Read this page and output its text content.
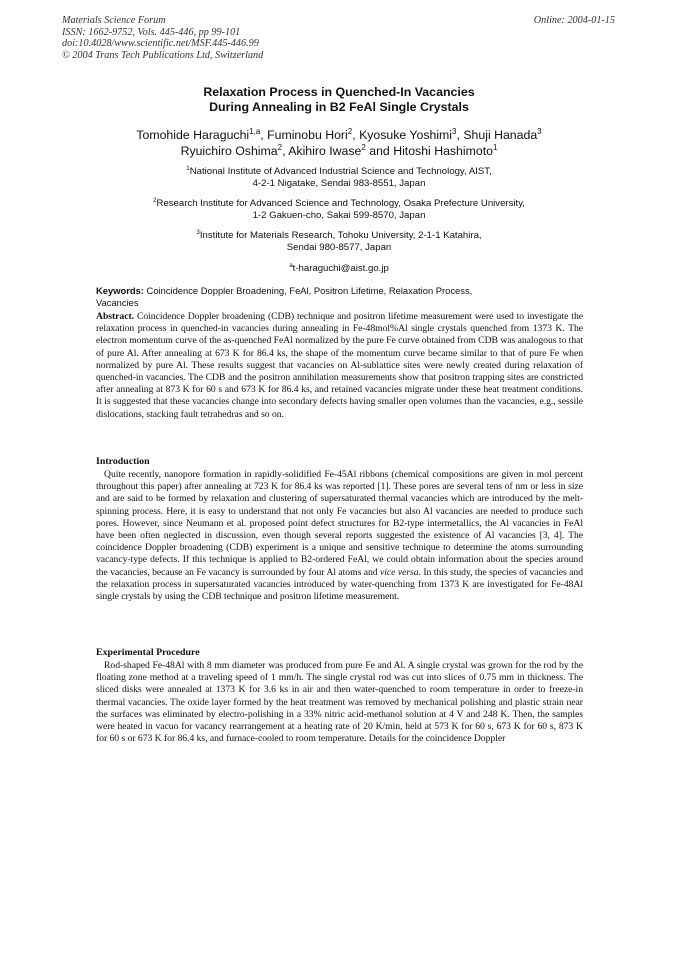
Materials Science Forum
ISSN: 1662-9752, Vols. 445-446, pp 99-101
doi:10.4028/www.scientific.net/MSF.445-446.99
© 2004 Trans Tech Publications Ltd, Switzerland
Online: 2004-01-15
Relaxation Process in Quenched-In Vacancies
During Annealing in B2 FeAl Single Crystals
Tomohide Haraguchi$^{1,a}$, Fuminobu Hori$^2$, Kyosuke Yoshimi$^3$, Shuji Hanada$^3$
Ryuichiro Oshima$^2$, Akihiro Iwase$^2$ and Hitoshi Hashimoto$^1$
$^1$National Institute of Advanced Industrial Science and Technology, AIST,
4-2-1 Nigatake, Sendai 983-8551, Japan
$^2$Research Institute for Advanced Science and Technology, Osaka Prefecture University,
1-2 Gakuen-cho, Sakai 599-8570, Japan
$^3$Institute for Materials Research, Tohoku University, 2-1-1 Katahira,
Sendai 980-8577, Japan
$^a$t-haraguchi@aist.go.jp
Keywords: Coincidence Doppler Broadening, FeAl, Positron Lifetime, Relaxation Process, Vacancies
Abstract. Coincidence Doppler broadening (CDB) technique and positron lifetime measurement were used to investigate the relaxation process in quenched-in vacancies during annealing in Fe-48mol%Al single crystals quenched from 1373 K. The electron momentum curve of the as-quenched FeAl normalized by the pure Fe curve obtained from CDB was analogous to that of pure Al. After annealing at 673 K for 86.4 ks, the shape of the momentum curve became similar to that of pure Fe when normalized by pure Al. These results suggest that vacancies on Al-sublattice sites were newly created during relaxation of quenched-in vacancies. The CDB and the positron annihilation measurements show that positron trapping sites are constricted after annealing at 873 K for 60 s and 673 K for 86.4 ks, and retained vacancies migrate under these heat treatment conditions. It is suggested that these vacancies change into secondary defects having smaller open volumes than the vacancies, e.g., sessile dislocations, stacking fault tetrahedras and so on.
Introduction
Quite recently, nanopore formation in rapidly-solidified Fe-45Al ribbons (chemical compositions are given in mol percent throughout this paper) after annealing at 723 K for 86.4 ks was reported [1]. These pores are several tens of nm or less in size and are said to be formed by relaxation and clustering of supersaturated thermal vacancies which are introduced by the melt-spinning process. Here, it is easy to understand that not only Fe vacancies but also Al vacancies are needed to produce such pores. However, since Neumann et al. proposed point defect structures for B2-type intermetallics, the Al vacancies in FeAl have been often neglected in discussion, even though several reports suggested the existence of Al vacancies [3, 4]. The coincidence Doppler broadening (CDB) experiment is a unique and sensitive technique to determine the atoms surrounding vacancy-type defects. If this technique is applied to B2-ordered FeAl, we could obtain information about the species around the vacancies, because an Fe vacancy is surrounded by four Al atoms and vice versa. In this study, the species of vacancies and the relaxation process in supersaturated vacancies introduced by water-quenching from 1373 K are investigated for Fe-48Al single crystals by using the CDB technique and positron lifetime measurement.
Experimental Procedure
Rod-shaped Fe-48Al with 8 mm diameter was produced from pure Fe and Al. A single crystal was grown for the rod by the floating zone method at a traveling speed of 1 mm/h. The single crystal rod was cut into slices of 0.75 mm in thickness. The sliced disks were annealed at 1373 K for 3.6 ks in air and then water-quenched to room temperature in order to freeze-in thermal vacancies. The oxide layer formed by the heat treatment was removed by mechanical polishing and plastic strain near the surfaces was eliminated by electro-polishing in a 33% nitric acid-methanol solution at 4 V and 248 K. Then, the samples were heated in vacuo for vacancy rearrangement at a heating rate of 20 K/min, held at 573 K for 60 s, 673 K for 60 s, 873 K for 60 s or 673 K for 86.4 ks, and furnace-cooled to room temperature. Details for the coincidence Doppler
